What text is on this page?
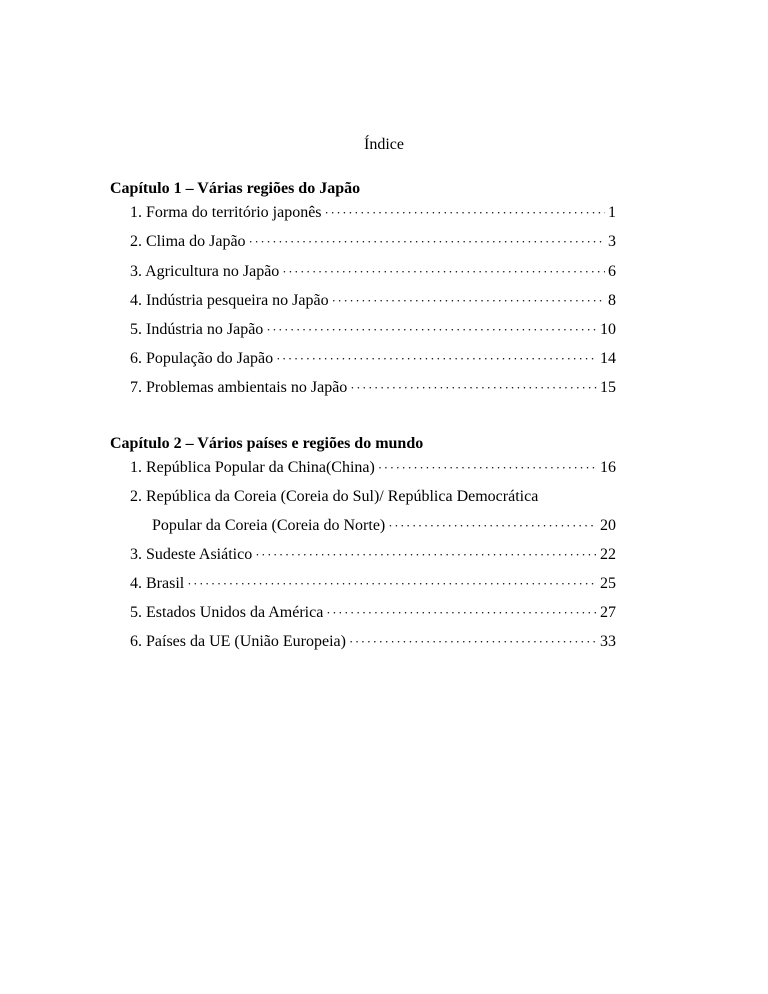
Índice
Capítulo 1 – Várias regiões do Japão
1. Forma do território japonês ·····	1
2. Clima do Japão ·····	3
3. Agricultura no Japão ·····	6
4. Indústria pesqueira no Japão ·····	8
5. Indústria no Japão ·····	10
6. População do Japão ·····	14
7. Problemas ambientais no Japão ·····	15
Capítulo 2 – Vários países e regiões do mundo
1. República Popular da China(China) ·····	16
2. República da Coreia (Coreia do Sul)/ República Democrática
Popular da Coreia (Coreia do Norte) ·····	20
3. Sudeste Asiático ·····	22
4. Brasil ·····	25
5. Estados Unidos da América ·····	27
6. Países da UE (União Europeia) ·····	33
